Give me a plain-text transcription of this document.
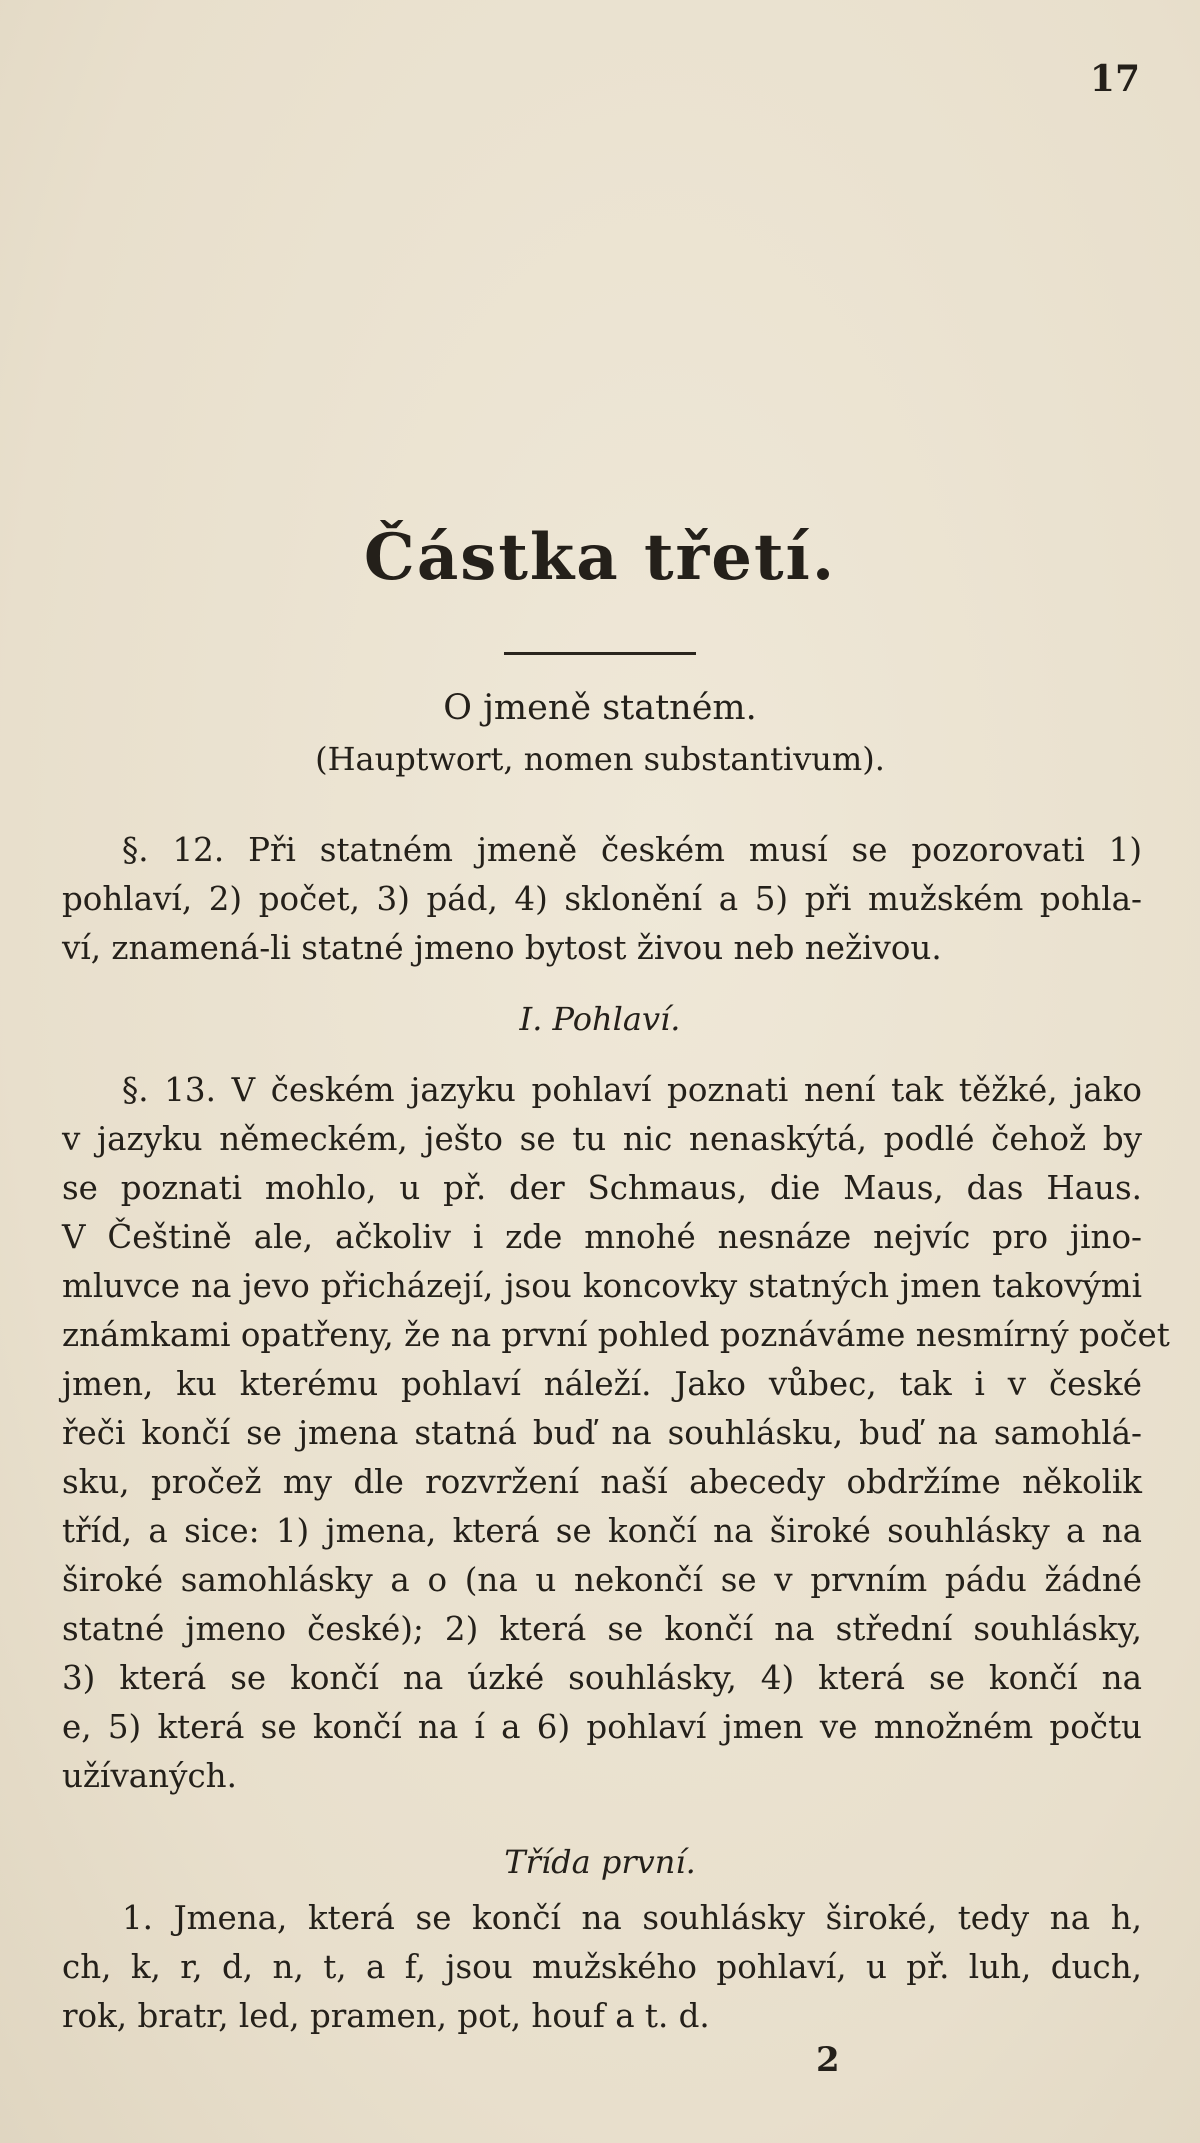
17
Částka třetí.
O jmeně statném.
(Hauptwort, nomen substantivum).
§. 12. Při statném jmeně českém musí se pozorovati 1)
pohlaví, 2) počet, 3) pád, 4) sklonění a 5) při mužském pohla-
ví, znamená-li statné jmeno bytost živou neb neživou.
I. Pohlaví.
§. 13. V českém jazyku pohlaví poznati není tak těžké, jako
v jazyku německém, ješto se tu nic nenaskýtá, podlé čehož by
se poznati mohlo, u př. der Schmaus, die Maus, das Haus.
V Češtině ale, ačkoliv i zde mnohé nesnáze nejvíc pro jino-
mluvce na jevo přicházejí, jsou koncovky statných jmen takovými
známkami opatřeny, že na první pohled poznáváme nesmírný počet
jmen, ku kterému pohlaví náleží. Jako vůbec, tak i v české
řeči končí se jmena statná buď na souhlásku, buď na samohlá-
sku, pročež my dle rozvržení naší abecedy obdržíme několik
tříd, a sice: 1) jmena, která se končí na široké souhlásky a na
široké samohlásky a o (na u nekončí se v prvním pádu žádné
statné jmeno české); 2) která se končí na střední souhlásky,
3) která se končí na úzké souhlásky, 4) která se končí na
e, 5) která se končí na í a 6) pohlaví jmen ve množném počtu
užívaných.
Třída první.
1. Jmena, která se končí na souhlásky široké, tedy na h,
ch, k, r, d, n, t, a f, jsou mužského pohlaví, u př. luh, duch,
rok, bratr, led, pramen, pot, houf a t. d.
2
